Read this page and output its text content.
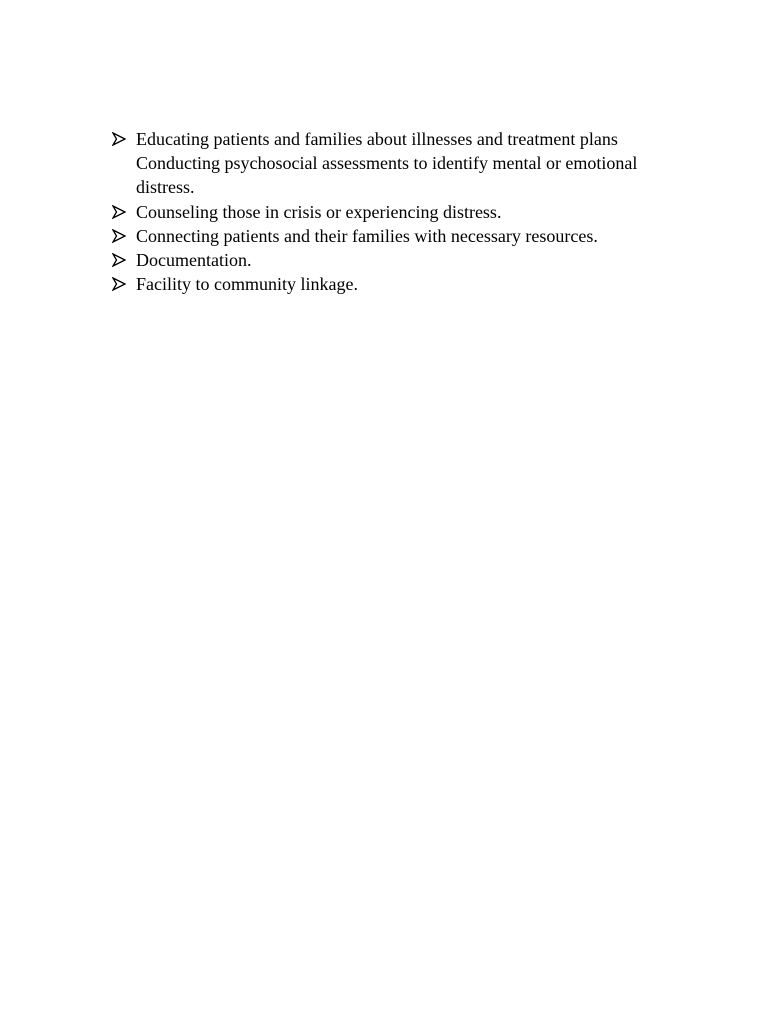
Educating patients and families about illnesses and treatment plans
Conducting psychosocial assessments to identify mental or emotional distress.
Counseling those in crisis or experiencing distress.
Connecting patients and their families with necessary resources.
Documentation.
Facility to community linkage.
